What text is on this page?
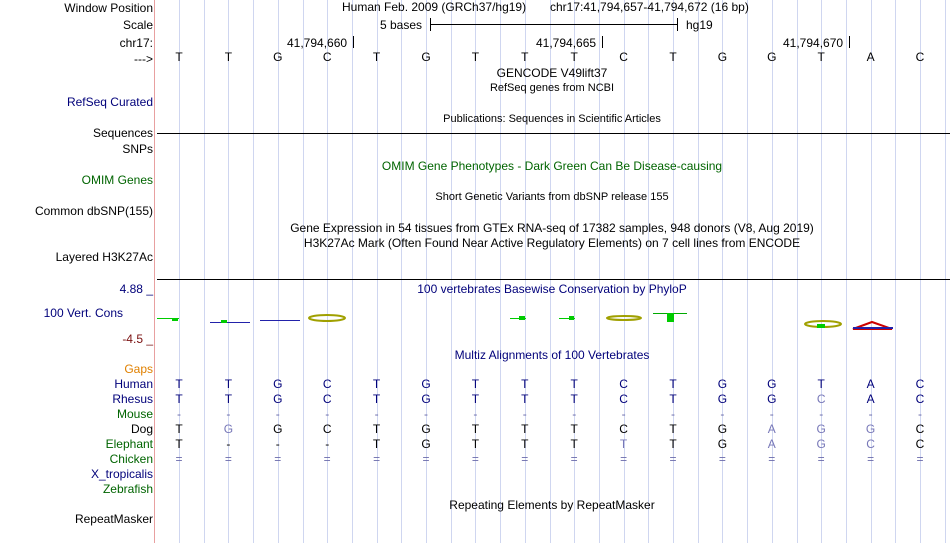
Window Position
Scale
chr17:
--->
RefSeq Curated
Sequences
SNPs
OMIM Genes
Common dbSNP(155)
Layered H3K27Ac
4.88 _
100 Vert. Cons
-4.5 _
Gaps
RepeatMasker
Human Feb. 2009 (GRCh37/hg19) chr17:41,794,657-41,794,672 (16 bp)
5 bases	hg19
41,794,660	41,794,665	41,794,670
T	T	G	C	T	G	T	T	T	C	T	G	G	T	A	C
GENCODE V49lift37
RefSeq genes from NCBI
Publications: Sequences in Scientific Articles
OMIM Gene Phenotypes - Dark Green Can Be Disease-causing
Short Genetic Variants from dbSNP release 155
Gene Expression in 54 tissues from GTEx RNA-seq of 17382 samples, 948 donors (V8, Aug 2019)
H3K27Ac Mark (Often Found Near Active Regulatory Elements) on 7 cell lines from ENCODE
100 vertebrates Basewise Conservation by PhyloP
Multiz Alignments of 100 Vertebrates
Human	T	T	G	C	T	G	T	T	T	C	T	G	G	T	A	C
Rhesus	T	T	G	C	T	G	T	T	T	C	T	G	G	C	A	C
Mouse	-	-	-	-	-	-	-	-	-	-	-	-	-	-	-	-
Dog	T	G	G	C	T	G	T	T	T	C	T	G	A	G	G	C
Elephant	T	-	-	-	T	G	T	T	T	T	T	G	A	G	C	C
Chicken	=	=	=	=	=	=	=	=	=	=	=	=	=	=	=	=
X_tropicalis
Zebrafish
Repeating Elements by RepeatMasker
